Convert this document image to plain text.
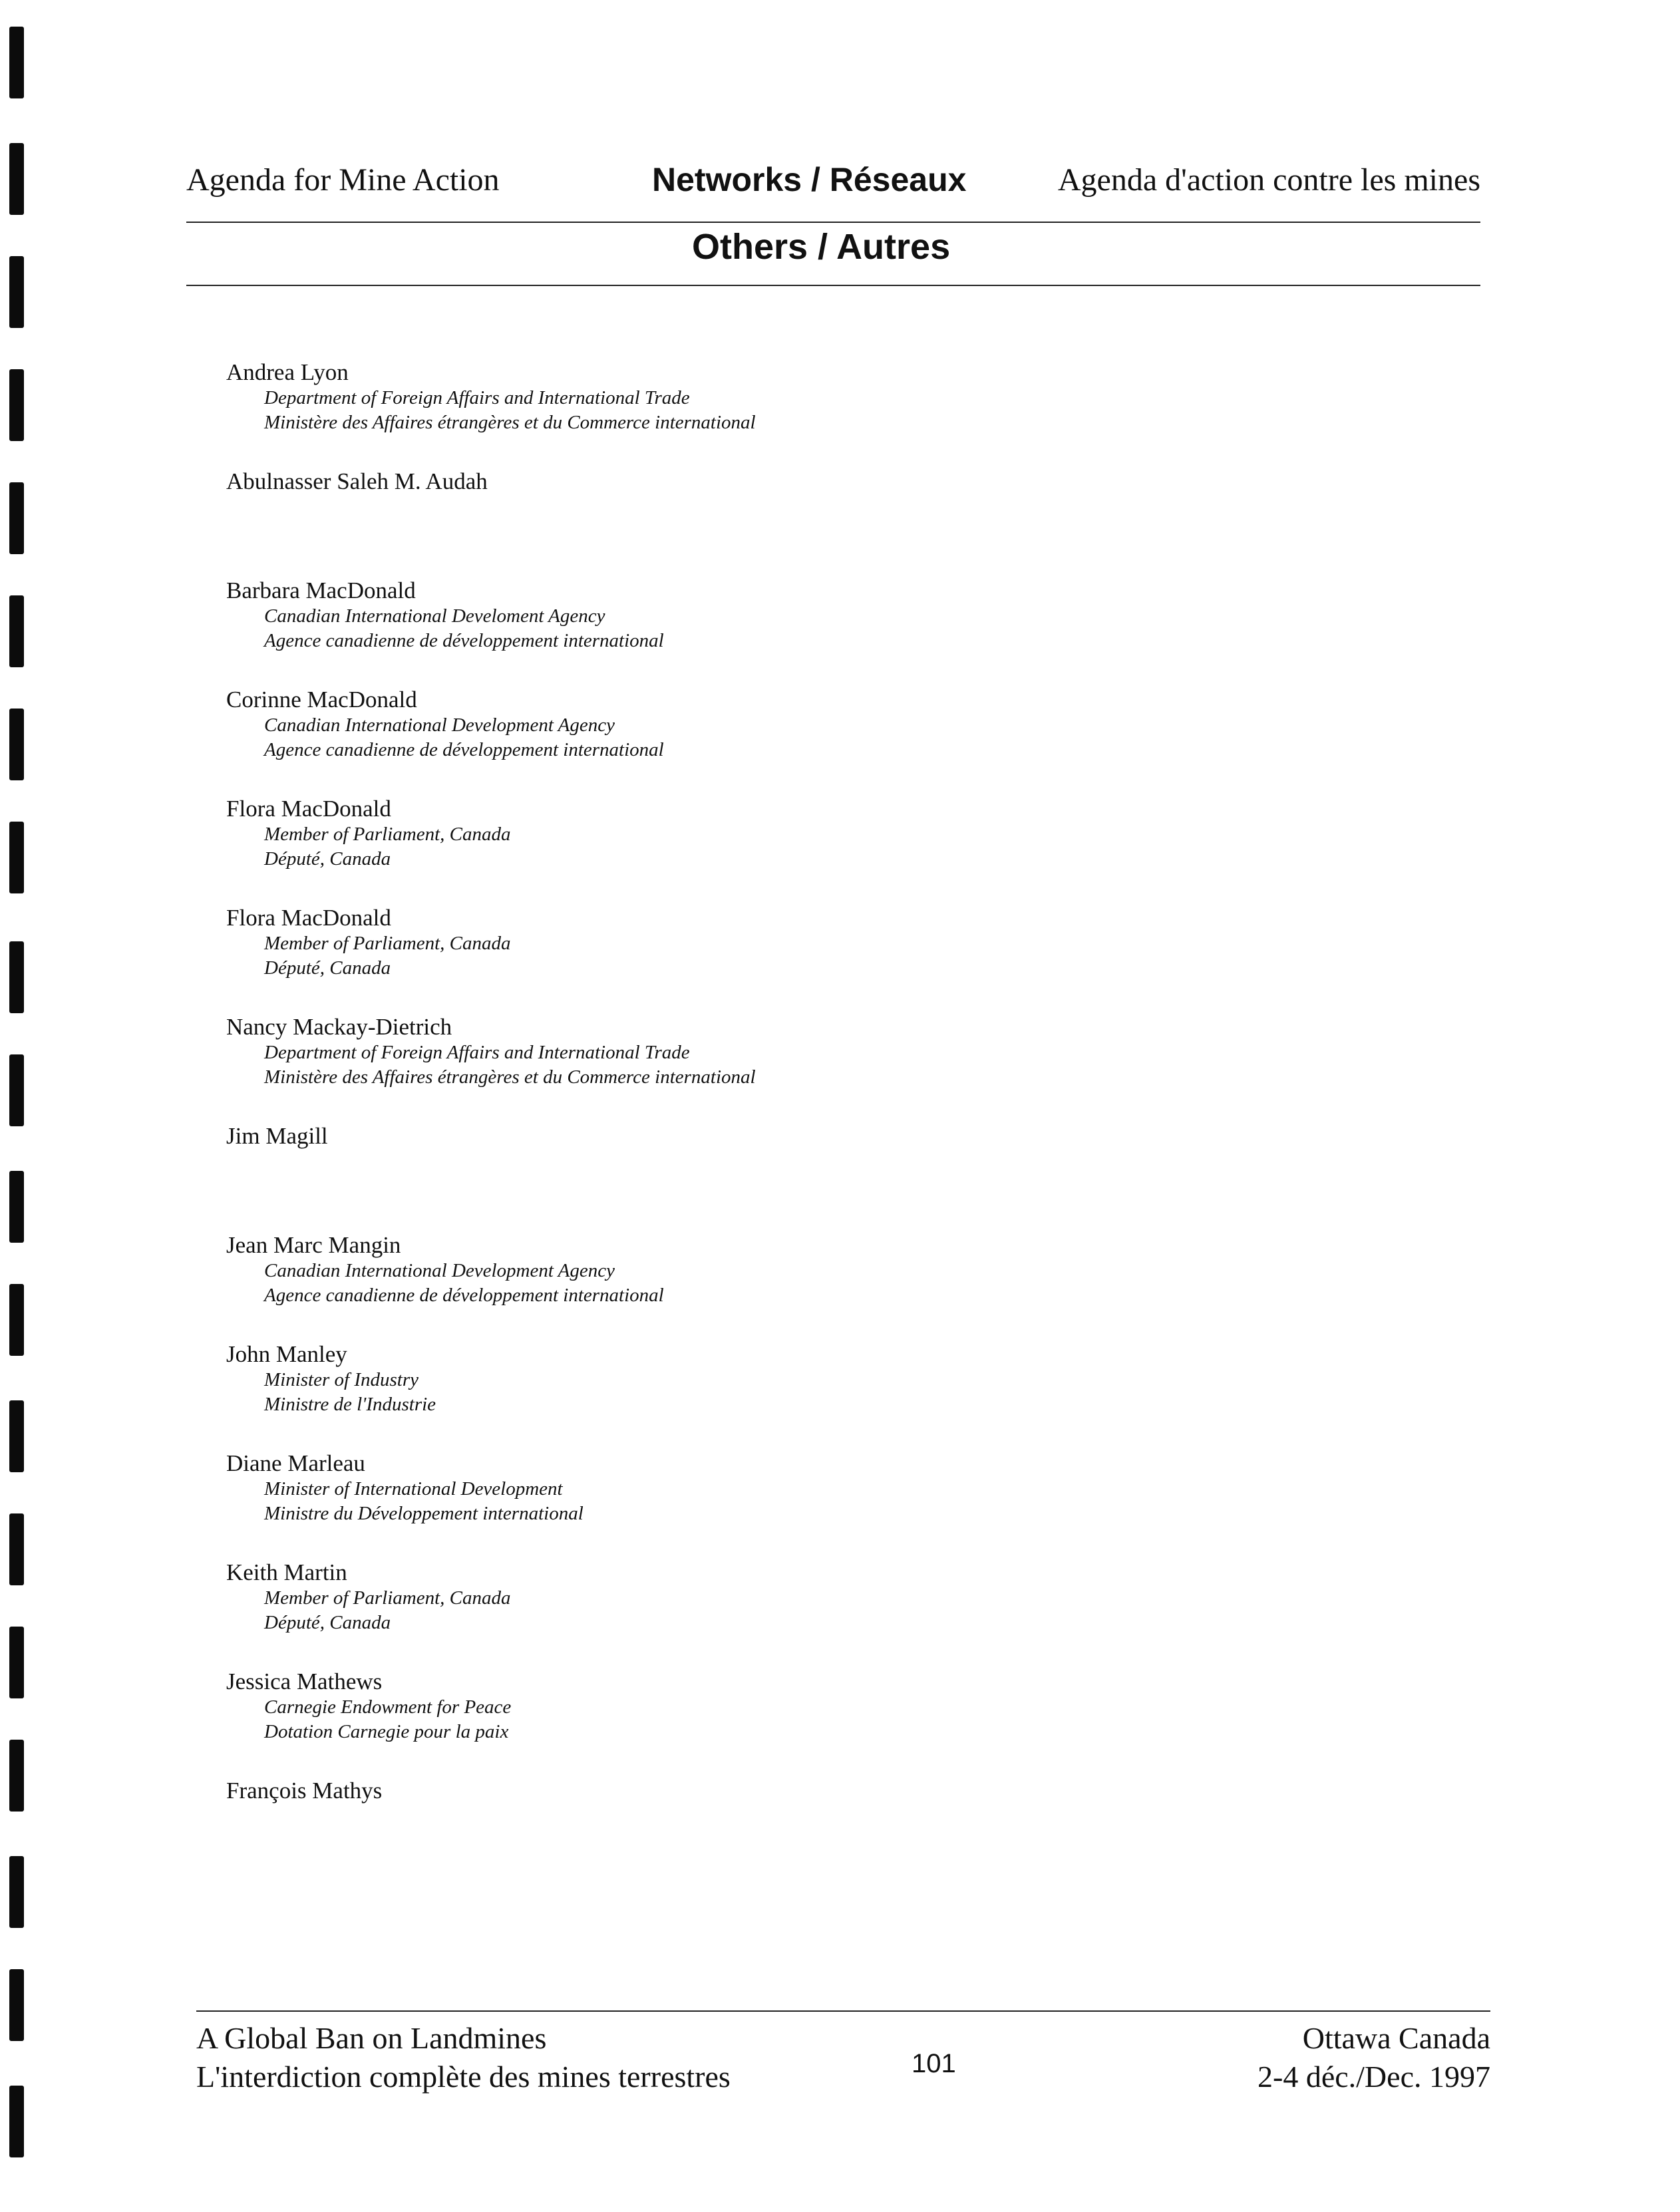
Agenda for Mine Action	Networks / Réseaux	Agenda d'action contre les mines
Others / Autres
Andrea Lyon
Department of Foreign Affairs and International Trade
Ministère des Affaires étrangères et du Commerce international
Abulnasser Saleh M. Audah
Barbara MacDonald
Canadian International Develoment Agency
Agence canadienne de développement international
Corinne MacDonald
Canadian International Development Agency
Agence canadienne de développement international
Flora MacDonald
Member of Parliament, Canada
Député, Canada
Flora MacDonald
Member of Parliament, Canada
Député, Canada
Nancy Mackay-Dietrich
Department of Foreign Affairs and International Trade
Ministère des Affaires étrangères et du Commerce international
Jim Magill
Jean Marc Mangin
Canadian International Development Agency
Agence canadienne de développement international
John Manley
Minister of Industry
Ministre de l'Industrie
Diane Marleau
Minister of International Development
Ministre du Développement international
Keith Martin
Member of Parliament, Canada
Député, Canada
Jessica Mathews
Carnegie Endowment for Peace
Dotation Carnegie pour la paix
François Mathys
A Global Ban on Landmines
L'interdiction complète des mines terrestres	101
Ottawa Canada
2-4 déc./Dec. 1997
